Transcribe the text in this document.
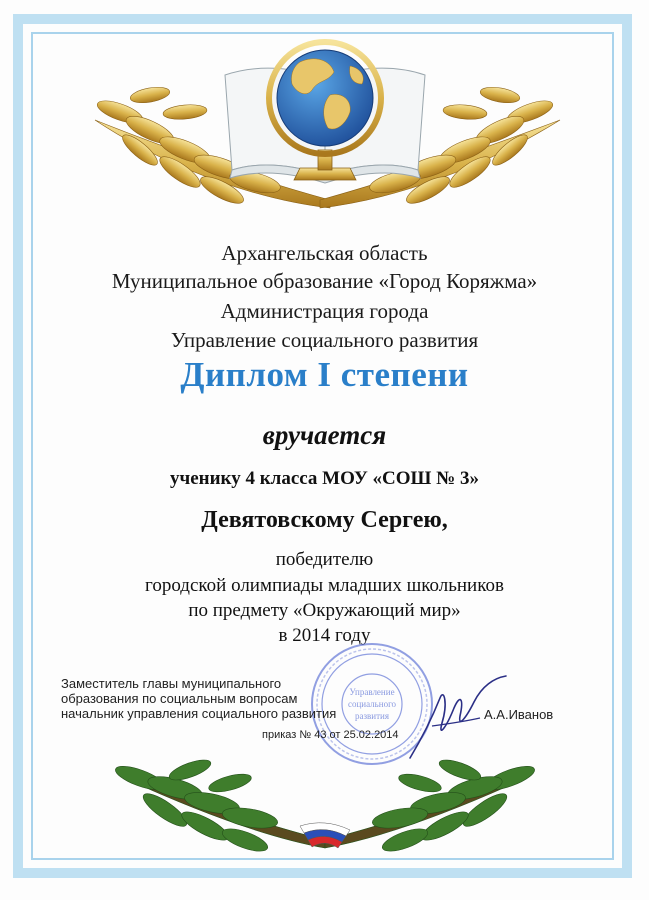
Архангельская область
Муниципальное образование «Город Коряжма»
Администрация города
Управление социального развития
Диплом I степени
вручается
ученику 4 класса МОУ «СОШ № 3»
Девятовскому Сергею,
победителю
городской олимпиады младших школьников
по предмету «Окружающий мир»
в 2014 году
Управление
социального
развития
Заместитель главы муниципального
образования по социальным вопросам
начальник управления социального развития	А.А.Иванов
приказ № 43 от 25.02.2014
